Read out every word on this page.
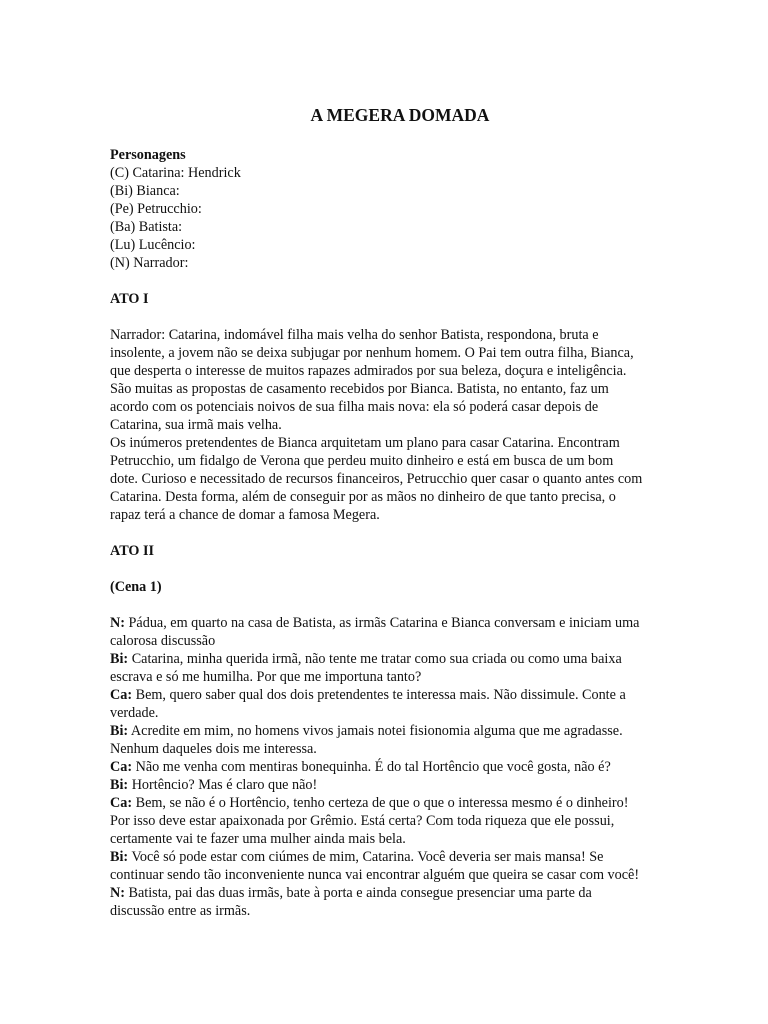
A MEGERA DOMADA

Personagens

(C) Catarina: Hendrick

(Bi) Bianca:

(Pe) Petrucchio:

(Ba) Batista:

(Lu) Lucêncio:

(N) Narrador:

ATO I

Narrador: Catarina, indomável filha mais velha do senhor Batista, respondona, bruta e

insolente, a jovem não se deixa subjugar por nenhum homem. O Pai tem outra filha, Bianca,

que desperta o interesse de muitos rapazes admirados por sua beleza, doçura e inteligência.

São muitas as propostas de casamento recebidos por Bianca. Batista, no entanto, faz um

acordo com os potenciais noivos de sua filha mais nova: ela só poderá casar depois de

Catarina, sua irmã mais velha.

Os inúmeros pretendentes de Bianca arquitetam um plano para casar Catarina. Encontram

Petrucchio, um fidalgo de Verona que perdeu muito dinheiro e está em busca de um bom

dote. Curioso e necessitado de recursos financeiros, Petrucchio quer casar o quanto antes com

Catarina. Desta forma, além de conseguir por as mãos no dinheiro de que tanto precisa, o

rapaz terá a chance de domar a famosa Megera.

ATO II

(Cena 1)

N: Pádua, em quarto na casa de Batista, as irmãs Catarina e Bianca conversam e iniciam uma

calorosa discussão

Bi: Catarina, minha querida irmã, não tente me tratar como sua criada ou como uma baixa

escrava e só me humilha. Por que me importuna tanto?

Ca: Bem, quero saber qual dos dois pretendentes te interessa mais. Não dissimule. Conte a

verdade.

Bi: Acredite em mim, no homens vivos jamais notei fisionomia alguma que me agradasse.

Nenhum daqueles dois me interessa.

Ca: Não me venha com mentiras bonequinha. É do tal Hortêncio que você gosta, não é?

Bi: Hortêncio? Mas é claro que não!

Ca: Bem, se não é o Hortêncio, tenho certeza de que o que o interessa mesmo é o dinheiro!

Por isso deve estar apaixonada por Grêmio. Está certa? Com toda riqueza que ele possui,

certamente vai te fazer uma mulher ainda mais bela.

Bi: Você só pode estar com ciúmes de mim, Catarina. Você deveria ser mais mansa! Se

continuar sendo tão inconveniente nunca vai encontrar alguém que queira se casar com você!

N: Batista, pai das duas irmãs, bate à porta e ainda consegue presenciar uma parte da

discussão entre as irmãs.
